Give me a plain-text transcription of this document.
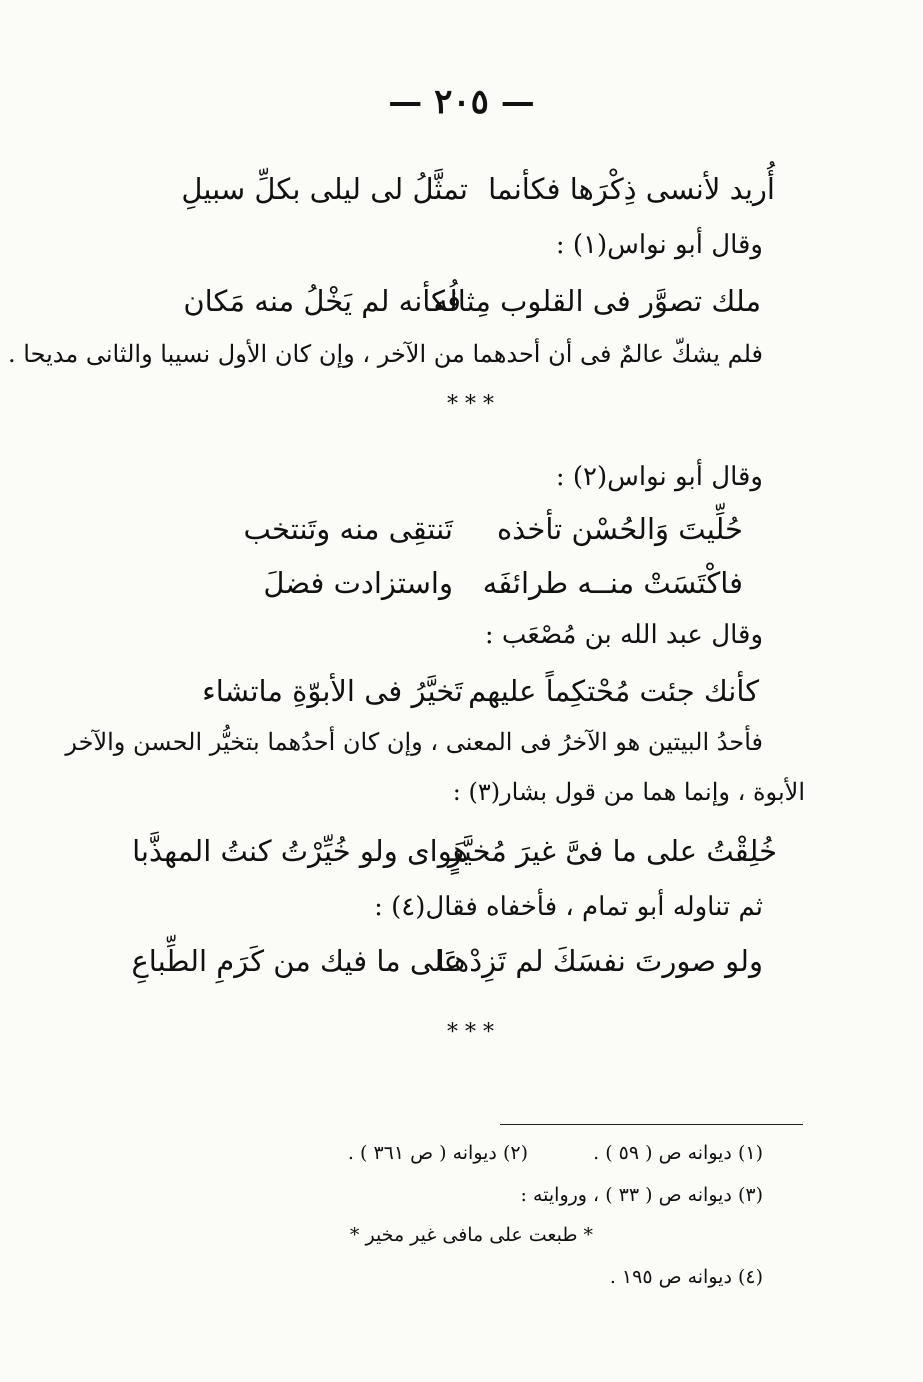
— ٢٠٥ —
أُريد لأنسى ذِكْرَها فكأنما
تمثَّلُ لى ليلى بكلِّ سبيلِ
وقال أبو نواس(١) :
ملك تصوَّر فى القلوب مِثالُه
فكأنه لم يَخْلُ منه مَكان
فلم يشكّ عالمٌ فى أن أحدهما من الآخر ، وإن كان الأول نسيبا والثانى مديحا .
* * *
وقال أبو نواس(٢) :
حُلِّيتَ وَالحُسْن تأخذه
تَنتقِى منه وتَنتخب
فاكْتَسَتْ منــه طرائفَه
واستزادت فضلَ
وقال عبد الله بن مُصْعَب :
كأنك جئت مُحْتكِماً عليهم
تَخيَّرُ فى الأبوّةِ ماتشاء
فأحدُ البيتين هو الآخرُ فى المعنى ، وإن كان أحدُهما بتخيُّر الحسن والآخر
الأبوة ، وإنما هما من قول بشار(٣) :
خُلِقْتُ على ما فىَّ غيرَ مُخيَّرٍ
هَواى ولو خُيِّرْتُ كنتُ المهذَّبا
ثم تناوله أبو تمام ، فأخفاه فقال(٤) :
ولو صورتَ نفسَكَ لم تَزِدْهـا
عَلى ما فيك من كَرَمِ الطِّباعِ
* * *
(١) ديوانه ص ( ٥٩ ) .
(٢) ديوانه ( ص ٣٦١ ) .
(٣) ديوانه ص ( ٣٣ ) ، وروايته :
* طبعت على مافى غير مخير *
(٤) ديوانه ص ١٩٥ .
